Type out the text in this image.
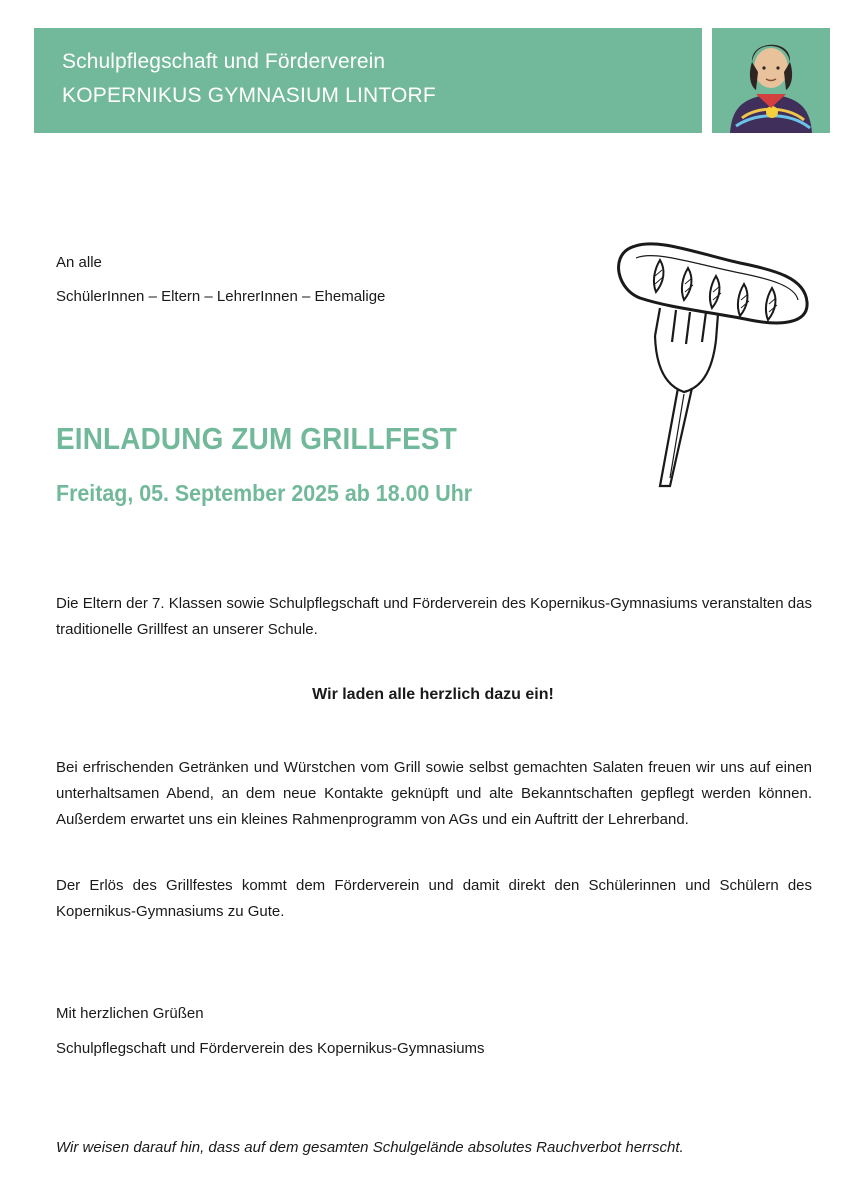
Schulpflegschaft und Förderverein
KOPERNIKUS GYMNASIUM LINTORF
An alle
SchülerInnen – Eltern – LehrerInnen – Ehemalige
EINLADUNG ZUM GRILLFEST
Freitag, 05. September 2025 ab 18.00 Uhr
Die Eltern der 7. Klassen sowie Schulpflegschaft und Förderverein des Kopernikus-Gymnasiums veranstalten das traditionelle Grillfest an unserer Schule.
Wir laden alle herzlich dazu ein!
Bei erfrischenden Getränken und Würstchen vom Grill sowie selbst gemachten Salaten freuen wir uns auf einen unterhaltsamen Abend, an dem neue Kontakte geknüpft und alte Bekanntschaften gepflegt werden können. Außerdem erwartet uns ein kleines Rahmenprogramm von AGs und ein Auftritt der Lehrerband.
Der Erlös des Grillfestes kommt dem Förderverein und damit direkt den Schülerinnen und Schülern des Kopernikus-Gymnasiums zu Gute.
Mit herzlichen Grüßen
Schulpflegschaft und Förderverein des Kopernikus-Gymnasiums
Wir weisen darauf hin, dass auf dem gesamten Schulgelände absolutes Rauchverbot herrscht.
